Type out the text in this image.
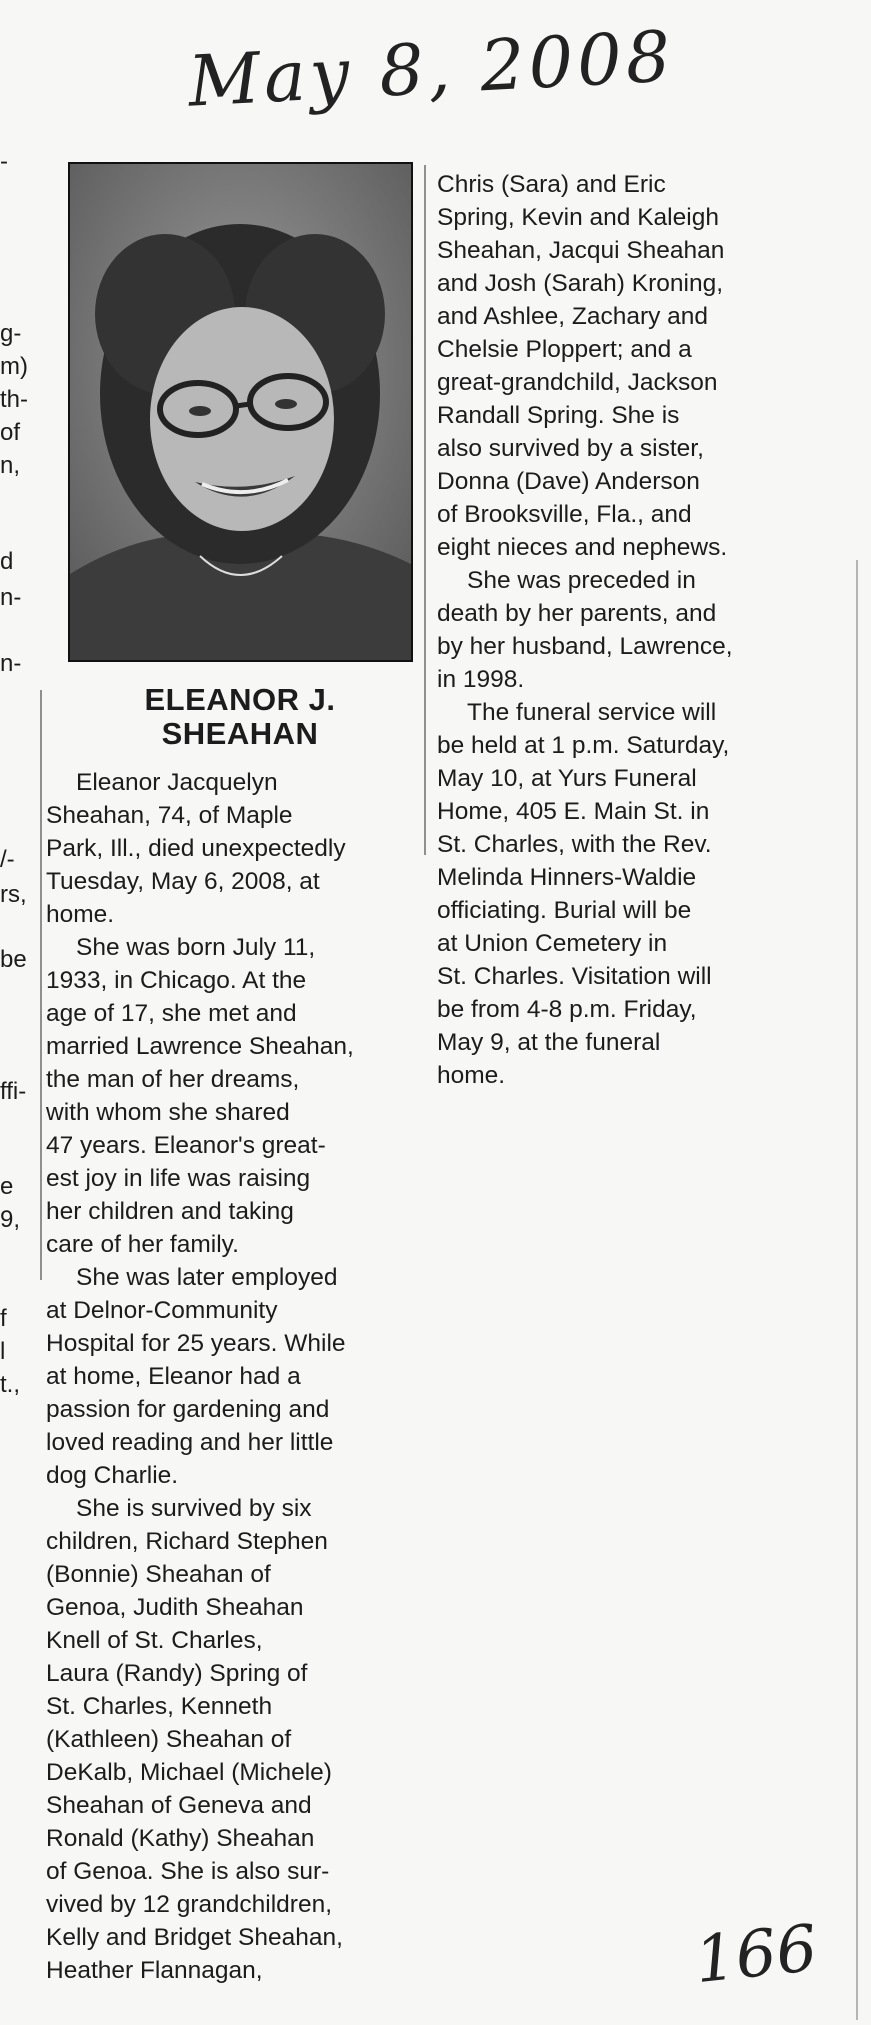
May 8, 2008
-
g-
m)
th-
of
n,
d
n-
n-
/-
rs,
be
ffi-
e
9,
f
l
t.,
ELEANOR J.
SHEAHAN
Eleanor Jacquelyn
Sheahan, 74, of Maple
Park, Ill., died unexpectedly
Tuesday, May 6, 2008, at
home.
She was born July 11,
1933, in Chicago. At the
age of 17, she met and
married Lawrence Sheahan,
the man of her dreams,
with whom she shared
47 years. Eleanor's great-
est joy in life was raising
her children and taking
care of her family.
She was later employed
at Delnor-Community
Hospital for 25 years. While
at home, Eleanor had a
passion for gardening and
loved reading and her little
dog Charlie.
She is survived by six
children, Richard Stephen
(Bonnie) Sheahan of
Genoa, Judith Sheahan
Knell of St. Charles,
Laura (Randy) Spring of
St. Charles, Kenneth
(Kathleen) Sheahan of
DeKalb, Michael (Michele)
Sheahan of Geneva and
Ronald (Kathy) Sheahan
of Genoa. She is also sur-
vived by 12 grandchildren,
Kelly and Bridget Sheahan,
Heather Flannagan,
Chris (Sara) and Eric
Spring, Kevin and Kaleigh
Sheahan, Jacqui Sheahan
and Josh (Sarah) Kroning,
and Ashlee, Zachary and
Chelsie Ploppert; and a
great-grandchild, Jackson
Randall Spring. She is
also survived by a sister,
Donna (Dave) Anderson
of Brooksville, Fla., and
eight nieces and nephews.
She was preceded in
death by her parents, and
by her husband, Lawrence,
in 1998.
The funeral service will
be held at 1 p.m. Saturday,
May 10, at Yurs Funeral
Home, 405 E. Main St. in
St. Charles, with the Rev.
Melinda Hinners-Waldie
officiating. Burial will be
at Union Cemetery in
St. Charles. Visitation will
be from 4-8 p.m. Friday,
May 9, at the funeral
home.
166
